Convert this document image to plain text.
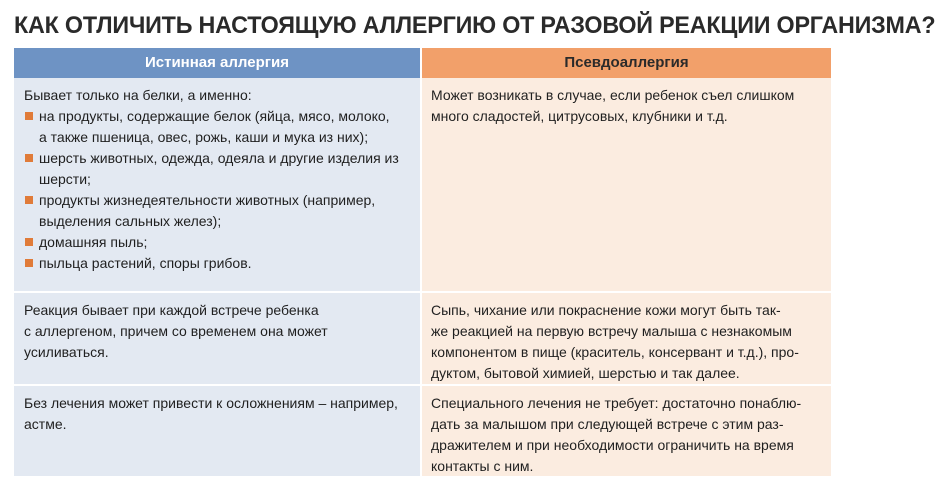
КАК ОТЛИЧИТЬ НАСТОЯЩУЮ АЛЛЕРГИЮ ОТ РАЗОВОЙ РЕАКЦИИ ОРГАНИЗМА?
Истинная аллергия	Псевдоаллергия
Бывает только на белки, а именно:
на продукты, содержащие белок (яйца, мясо, молоко,
а также пшеница, овес, рожь, каши и мука из них);
шерсть животных, одежда, одеяла и другие изделия из
шерсти;
продукты жизнедеятельности животных (например,
выделения сальных желез);
домашняя пыль;
пыльца растений, споры грибов.
Может возникать в случае, если ребенок съел слишком
много сладостей, цитрусовых, клубники и т.д.
Реакция бывает при каждой встрече ребенка
с аллергеном, причем со временем она может
усиливаться.
Сыпь, чихание или покраснение кожи могут быть так-
же реакцией на первую встречу малыша с незнакомым
компонентом в пище (краситель, консервант и т.д.), про-
дуктом, бытовой химией, шерстью и так далее.
Без лечения может привести к осложнениям – например,
астме.
Специального лечения не требует: достаточно понаблю-
дать за малышом при следующей встрече с этим раз-
дражителем и при необходимости ограничить на время
контакты с ним.
